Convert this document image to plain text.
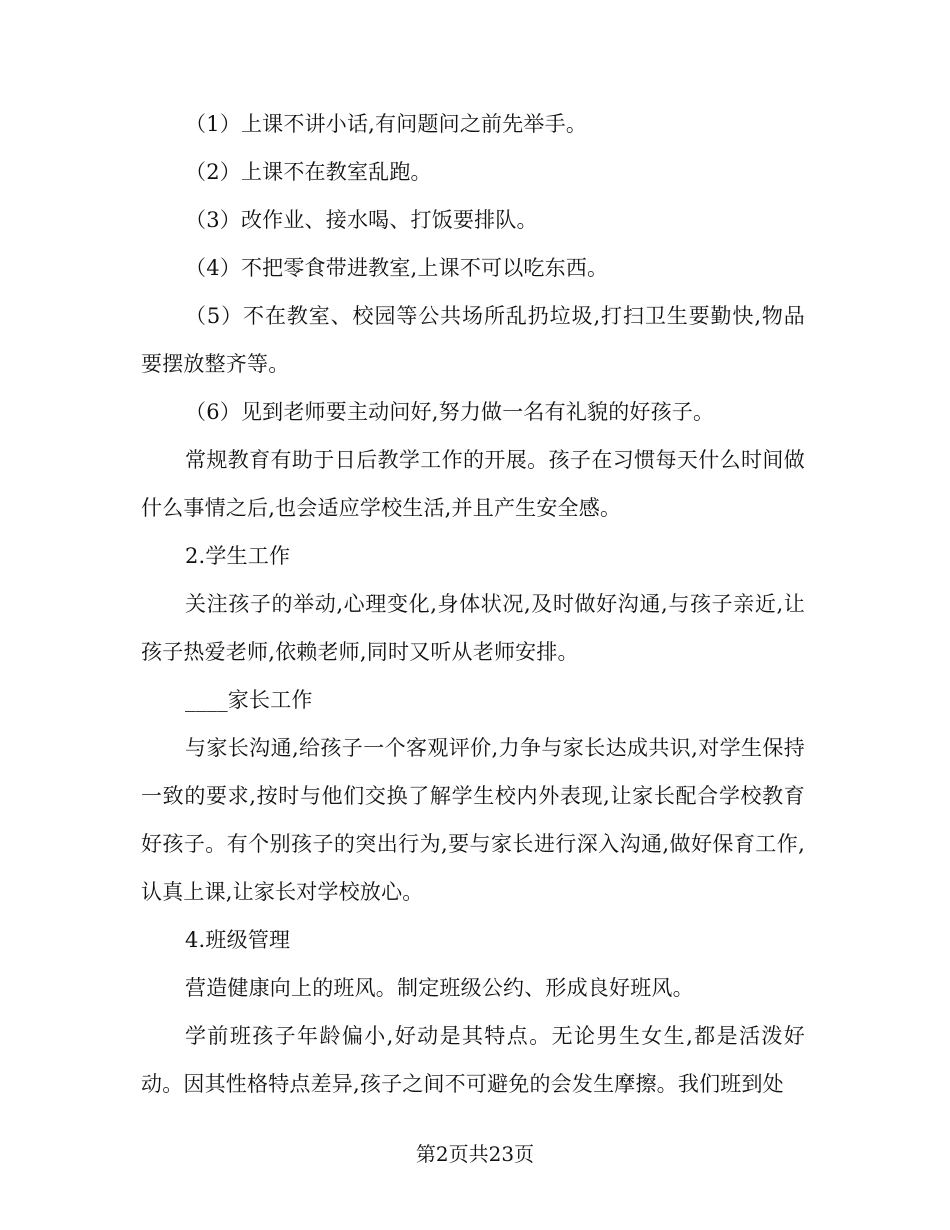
（1）上课不讲小话,有问题问之前先举手。

（2）上课不在教室乱跑。

（3）改作业、接水喝、打饭要排队。

（4）不把零食带进教室,上课不可以吃东西。

（5）不在教室、校园等公共场所乱扔垃圾,打扫卫生要勤快,物品要摆放整齐等。

（6）见到老师要主动问好,努力做一名有礼貌的好孩子。

常规教育有助于日后教学工作的开展。孩子在习惯每天什么时间做什么事情之后,也会适应学校生活,并且产生安全感。

2.学生工作

关注孩子的举动,心理变化,身体状况,及时做好沟通,与孩子亲近,让孩子热爱老师,依赖老师,同时又听从老师安排。

____家长工作

与家长沟通,给孩子一个客观评价,力争与家长达成共识,对学生保持一致的要求,按时与他们交换了解学生校内外表现,让家长配合学校教育好孩子。有个别孩子的突出行为,要与家长进行深入沟通,做好保育工作,认真上课,让家长对学校放心。

4.班级管理

营造健康向上的班风。制定班级公约、形成良好班风。

学前班孩子年龄偏小,好动是其特点。无论男生女生,都是活泼好动。因其性格特点差异,孩子之间不可避免的会发生摩擦。我们班到处

第2页共23页
